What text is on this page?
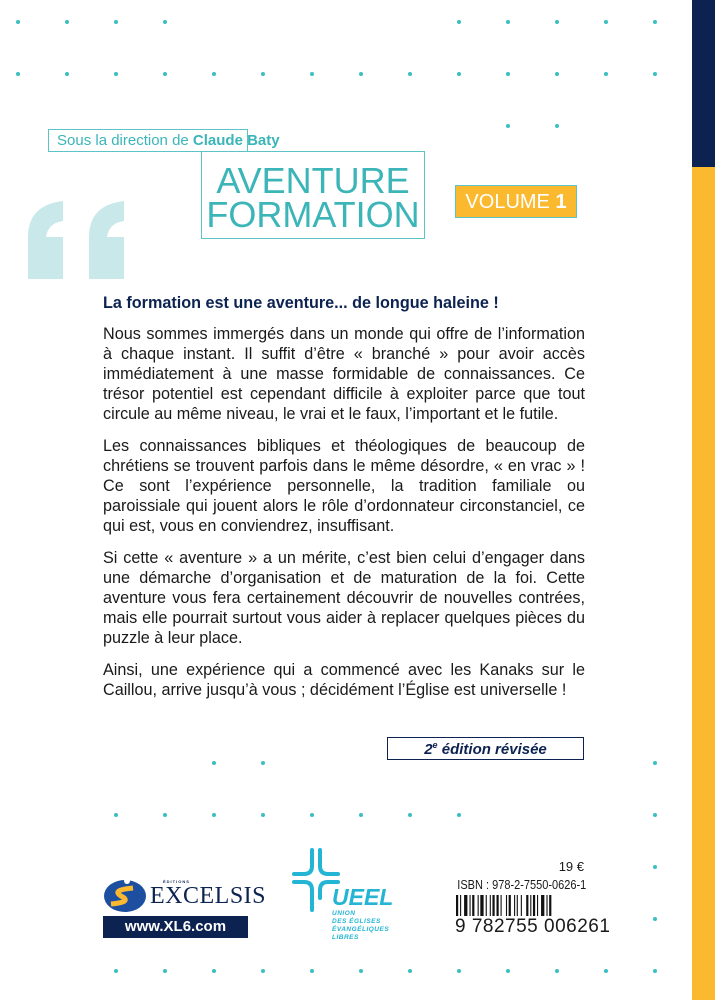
Sous la direction de Claude Baty
AVENTURE
FORMATION	VOLUME 1
La formation est une aventure... de longue haleine !

Nous sommes immergés dans un monde qui offre de l’information à chaque instant. Il suffit d’être « branché » pour avoir accès immédiatement à une masse formidable de connaissances. Ce trésor potentiel est cependant difficile à exploiter parce que tout circule au même niveau, le vrai et le faux, l’important et le futile.

Les connaissances bibliques et théologiques de beaucoup de chrétiens se trouvent parfois dans le même désordre, « en vrac » ! Ce sont l’expérience personnelle, la tradition familiale ou paroissiale qui jouent alors le rôle d’ordonnateur circonstanciel, ce qui est, vous en conviendrez, insuffisant.

Si cette « aventure » a un mérite, c’est bien celui d’engager dans une démarche d’organisation et de maturation de la foi. Cette aventure vous fera certainement découvrir de nouvelles contrées, mais elle pourrait surtout vous aider à replacer quelques pièces du puzzle à leur place.

Ainsi, une expérience qui a commencé avec les Kanaks sur le Caillou, arrive jusqu’à vous ; décidément l’Église est universelle !

2e édition révisée
ÉDITIONS
EXCELSIS
www.XL6.com
UEEL
UNION
DES ÉGLISES
ÉVANGÉLIQUES
LIBRES
19 €
ISBN : 978-2-7550-0626-1
9 782755 006261
